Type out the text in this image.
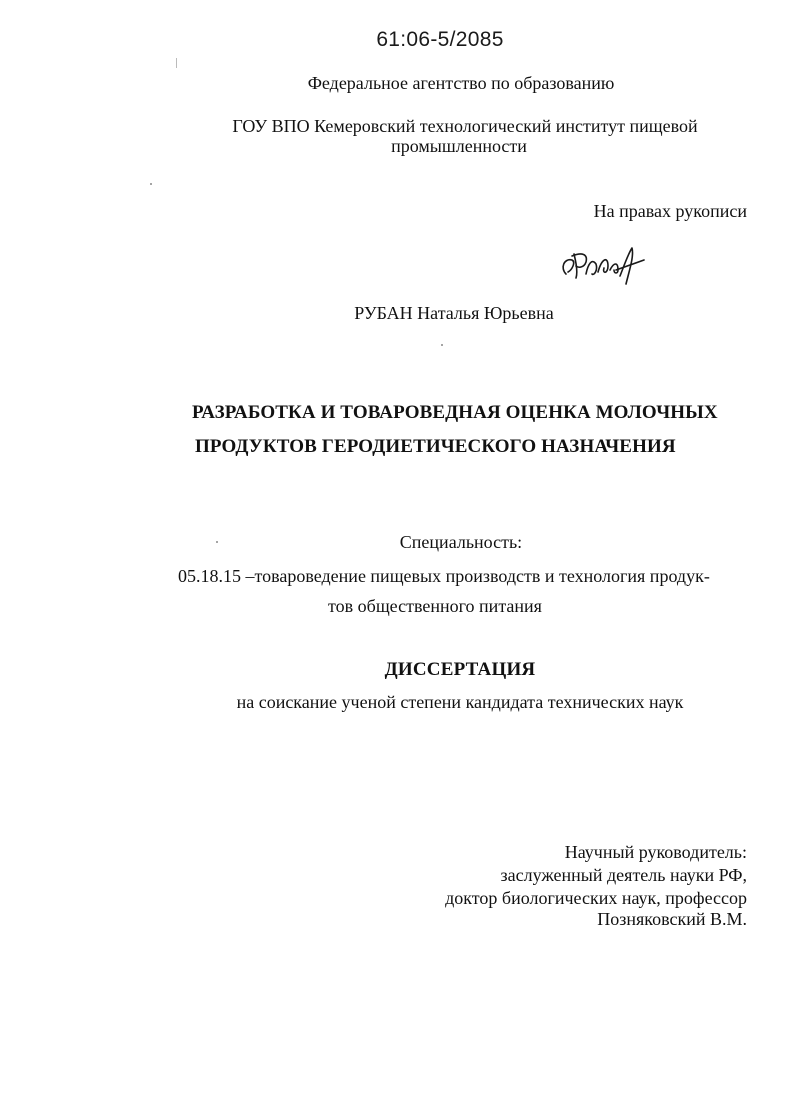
61:06-5/2085
Федеральное агентство по образованию
ГОУ ВПО Кемеровский технологический институт пищевой
промышленности
На правах рукописи
РУБАН Наталья Юрьевна
РАЗРАБОТКА И ТОВАРОВЕДНАЯ ОЦЕНКА МОЛОЧНЫХ
ПРОДУКТОВ ГЕРОДИЕТИЧЕСКОГО НАЗНАЧЕНИЯ
Специальность:
05.18.15 –товароведение пищевых производств и технология продук-
тов общественного питания
ДИССЕРТАЦИЯ
на соискание ученой степени кандидата технических наук
Научный руководитель:
заслуженный деятель науки РФ,
доктор биологических наук, профессор
Позняковский В.М.
